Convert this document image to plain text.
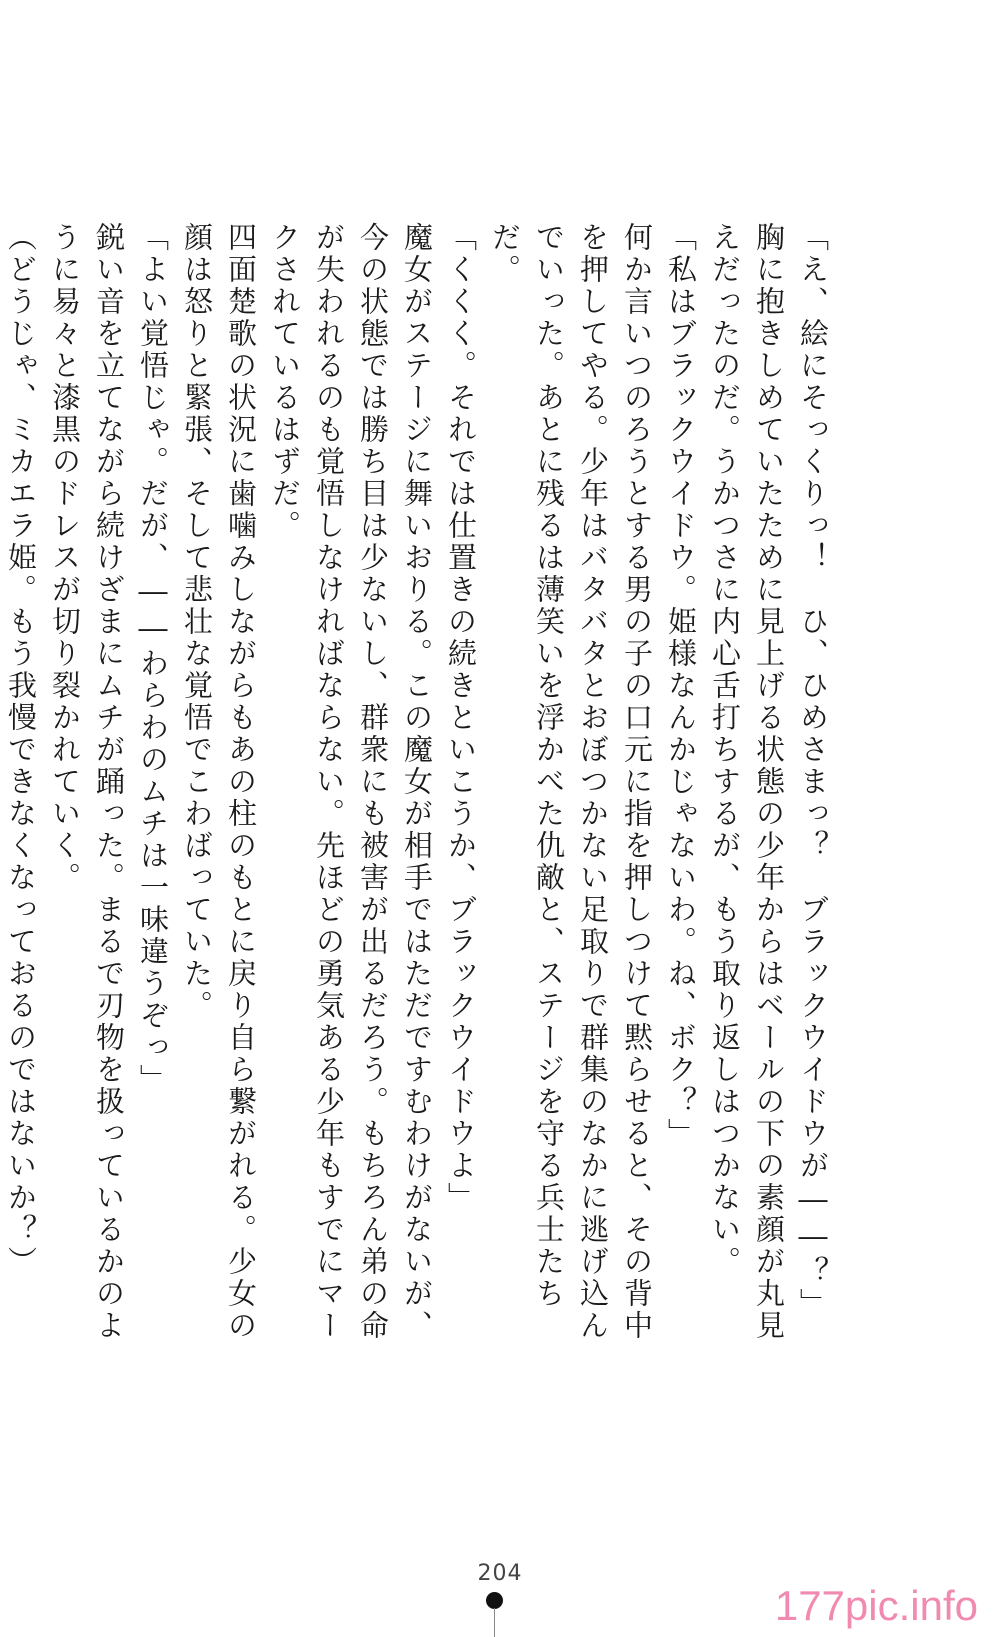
「え、絵にそっくりっ！　ひ、ひめさまっ？　ブラックウイドウが――？」

胸に抱きしめていたために見上げる状態の少年からはベールの下の素顔が丸見えだったのだ。うかつさに内心舌打ちするが、もう取り返しはつかない。

「私はブラックウイドウ。姫様なんかじゃないわ。ね、ボク？」

何か言いつのろうとする男の子の口元に指を押しつけて黙らせると、その背中を押してやる。少年はバタバタとおぼつかない足取りで群集のなかに逃げ込んでいった。あとに残るは薄笑いを浮かべた仇敵と、ステージを守る兵士たちだ。

「くくく。それでは仕置きの続きといこうか、ブラックウイドウよ」

魔女がステージに舞いおりる。この魔女が相手ではただですむわけがないが、今の状態では勝ち目は少ないし、群衆にも被害が出るだろう。もちろん弟の命が失われるのも覚悟しなければならない。先ほどの勇気ある少年もすでにマークされているはずだ。

四面楚歌の状況に歯噛みしながらもあの柱のもとに戻り自ら繋がれる。少女の顔は怒りと緊張、そして悲壮な覚悟でこわばっていた。

「よい覚悟じゃ。だが、――わらわのムチは一味違うぞっ」

鋭い音を立てながら続けざまにムチが踊った。まるで刃物を扱っているかのように易々と漆黒のドレスが切り裂かれていく。

（どうじゃ、ミカエラ姫。もう我慢できなくなっておるのではないか？）

204
177pic.info
